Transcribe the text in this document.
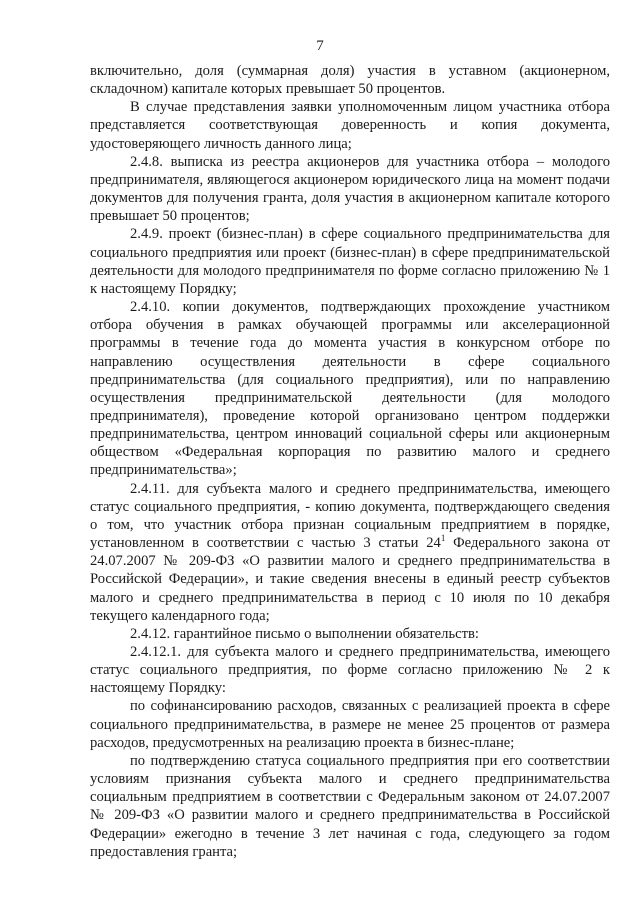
7

включительно, доля (суммарная доля) участия в уставном (акционерном, складочном) капитале которых превышает 50 процентов.

В случае представления заявки уполномоченным лицом участника отбора представляется соответствующая доверенность и копия документа, удостоверяющего личность данного лица;

2.4.8. выписка из реестра акционеров для участника отбора – молодого предпринимателя, являющегося акционером юридического лица на момент подачи документов для получения гранта, доля участия в акционерном капитале которого превышает 50 процентов;

2.4.9. проект (бизнес-план) в сфере социального предпринимательства для социального предприятия или проект (бизнес-план) в сфере предпринимательской деятельности для молодого предпринимателя по форме согласно приложению № 1 к настоящему Порядку;

2.4.10. копии документов, подтверждающих прохождение участником отбора обучения в рамках обучающей программы или акселерационной программы в течение года до момента участия в конкурсном отборе по направлению осуществления деятельности в сфере социального предпринимательства (для социального предприятия), или по направлению осуществления предпринимательской деятельности (для молодого предпринимателя), проведение которой организовано центром поддержки предпринимательства, центром инноваций социальной сферы или акционерным обществом «Федеральная корпорация по развитию малого и среднего предпринимательства»;

2.4.11. для субъекта малого и среднего предпринимательства, имеющего статус социального предприятия, - копию документа, подтверждающего сведения о том, что участник отбора признан социальным предприятием в порядке, установленном в соответствии с частью 3 статьи $24^1$ Федерального закона от 24.07.2007 № 209-ФЗ «О развитии малого и среднего предпринимательства в Российской Федерации», и такие сведения внесены в единый реестр субъектов малого и среднего предпринимательства в период с 10 июля по 10 декабря текущего календарного года;

2.4.12. гарантийное письмо о выполнении обязательств:

2.4.12.1. для субъекта малого и среднего предпринимательства, имеющего статус социального предприятия, по форме согласно приложению № 2 к настоящему Порядку:

по софинансированию расходов, связанных с реализацией проекта в сфере социального предпринимательства, в размере не менее 25 процентов от размера расходов, предусмотренных на реализацию проекта в бизнес-плане;

по подтверждению статуса социального предприятия при его соответствии условиям признания субъекта малого и среднего предпринимательства социальным предприятием в соответствии с Федеральным законом от 24.07.2007 № 209-ФЗ «О развитии малого и среднего предпринимательства в Российской Федерации» ежегодно в течение 3 лет начиная с года, следующего за годом предоставления гранта;
